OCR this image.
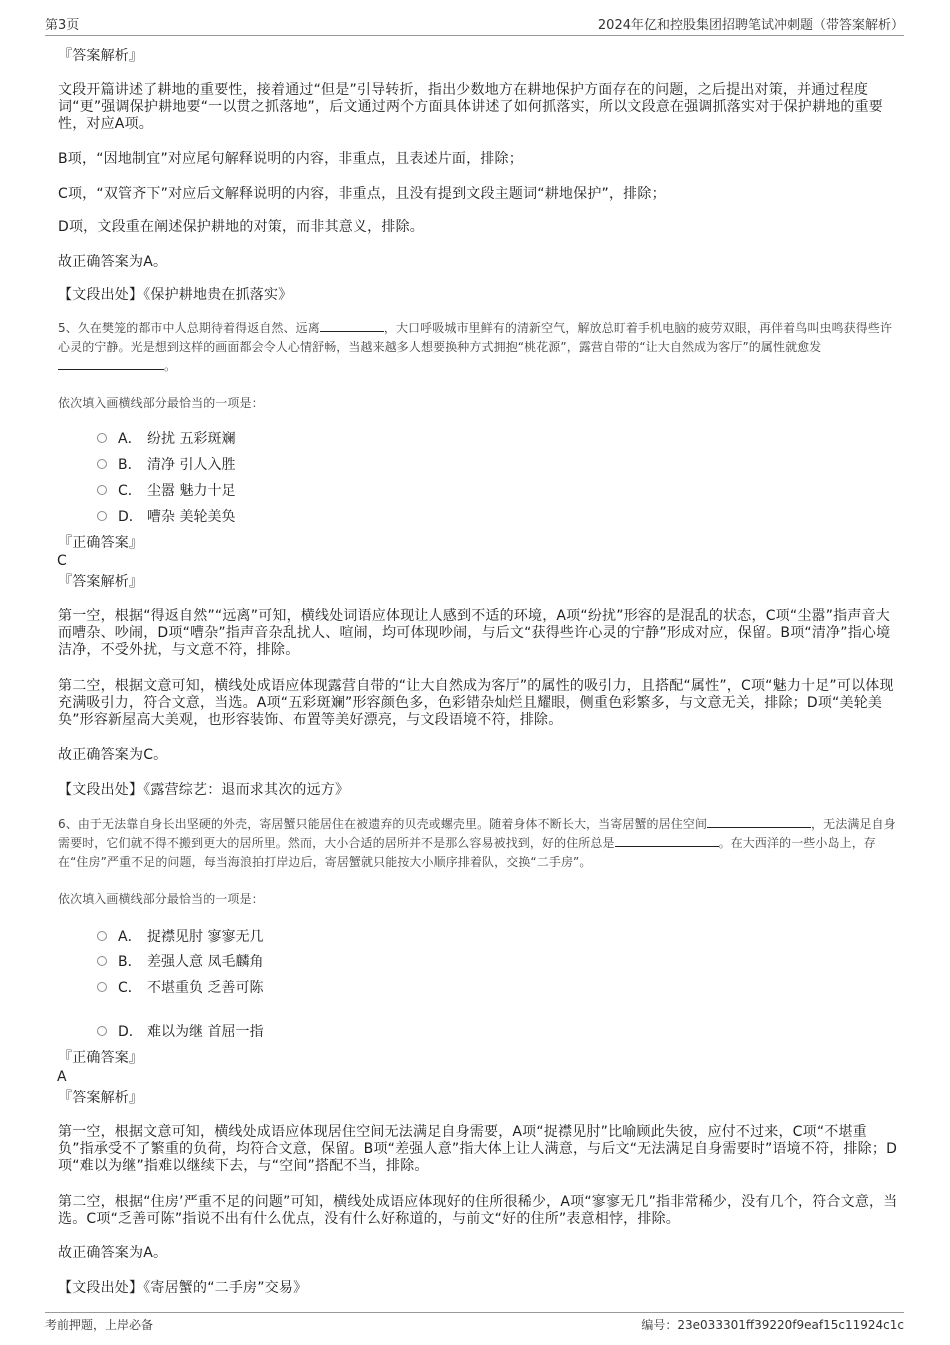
第3页	2024年亿和控股集团招聘笔试冲刺题（带答案解析）
『答案解析』
文段开篇讲述了耕地的重要性，接着通过“但是”引导转折，指出少数地方在耕地保护方面存在的问题，之后提出对策，并通过程度词“更”强调保护耕地要“一以贯之抓落地”，后文通过两个方面具体讲述了如何抓落实，所以文段意在强调抓落实对于保护耕地的重要性，对应A项。
B项，“因地制宜”对应尾句解释说明的内容，非重点，且表述片面，排除；
C项，“双管齐下”对应后文解释说明的内容，非重点，且没有提到文段主题词“耕地保护”，排除；
D项，文段重在阐述保护耕地的对策，而非其意义，排除。
故正确答案为A。
【文段出处】《保护耕地贵在抓落实》
5、久在樊笼的都市中人总期待着得返自然、远离	，大口呼吸城市里鲜有的清新空气，解放总盯着手机电脑的疲劳双眼，再伴着鸟叫虫鸣获得些许心灵的宁静。光是想到这样的画面都会令人心情舒畅，当越来越多人想要换种方式拥抱“桃花源”，露营自带的“让大自然成为客厅”的属性就愈发。
依次填入画横线部分最恰当的一项是：
A． 纷扰 五彩斑斓
B． 清净 引人入胜
C． 尘嚣 魅力十足
D． 嘈杂 美轮美奂
『正确答案』
C
『答案解析』
第一空，根据“得返自然”“远离”可知，横线处词语应体现让人感到不适的环境，A项“纷扰”形容的是混乱的状态，C项“尘嚣”指声音大而嘈杂、吵闹，D项“嘈杂”指声音杂乱扰人、喧闹，均可体现吵闹，与后文“获得些许心灵的宁静”形成对应，保留。B项“清净”指心境洁净，不受外扰，与文意不符，排除。
第二空，根据文意可知，横线处成语应体现露营自带的“让大自然成为客厅”的属性的吸引力，且搭配“属性”，C项“魅力十足”可以体现充满吸引力，符合文意，当选。A项“五彩斑斓”形容颜色多，色彩错杂灿烂且耀眼，侧重色彩繁多，与文意无关，排除；D项“美轮美奂”形容新屋高大美观，也形容装饰、布置等美好漂亮，与文段语境不符，排除。
故正确答案为C。
【文段出处】《露营综艺：退而求其次的远方》
6、由于无法靠自身长出坚硬的外壳，寄居蟹只能居住在被遗弃的贝壳或螺壳里。随着身体不断长大，当寄居蟹的居住空间	，无法满足自身需要时，它们就不得不搬到更大的居所里。然而，大小合适的居所并不是那么容易被找到，好的住所总是	。在大西洋的一些小岛上，存在“住房”严重不足的问题，每当海浪拍打岸边后，寄居蟹就只能按大小顺序排着队，交换“二手房”。
依次填入画横线部分最恰当的一项是：
A． 捉襟见肘 寥寥无几
B． 差强人意 凤毛麟角
C． 不堪重负 乏善可陈
D． 难以为继 首屈一指
『正确答案』
A
『答案解析』
第一空，根据文意可知，横线处成语应体现居住空间无法满足自身需要，A项“捉襟见肘”比喻顾此失彼，应付不过来，C项“不堪重负”指承受不了繁重的负荷，均符合文意，保留。B项“差强人意”指大体上让人满意，与后文“无法满足自身需要时”语境不符，排除；D项“难以为继”指难以继续下去，与“空间”搭配不当，排除。
第二空，根据“住房’严重不足的问题”可知，横线处成语应体现好的住所很稀少，A项“寥寥无几”指非常稀少，没有几个，符合文意，当选。C项“乏善可陈”指说不出有什么优点，没有什么好称道的，与前文“好的住所”表意相悖，排除。
故正确答案为A。
【文段出处】《寄居蟹的“二手房”交易》
考前押题，上岸必备	编号：23e033301ff39220f9eaf15c11924c1c
